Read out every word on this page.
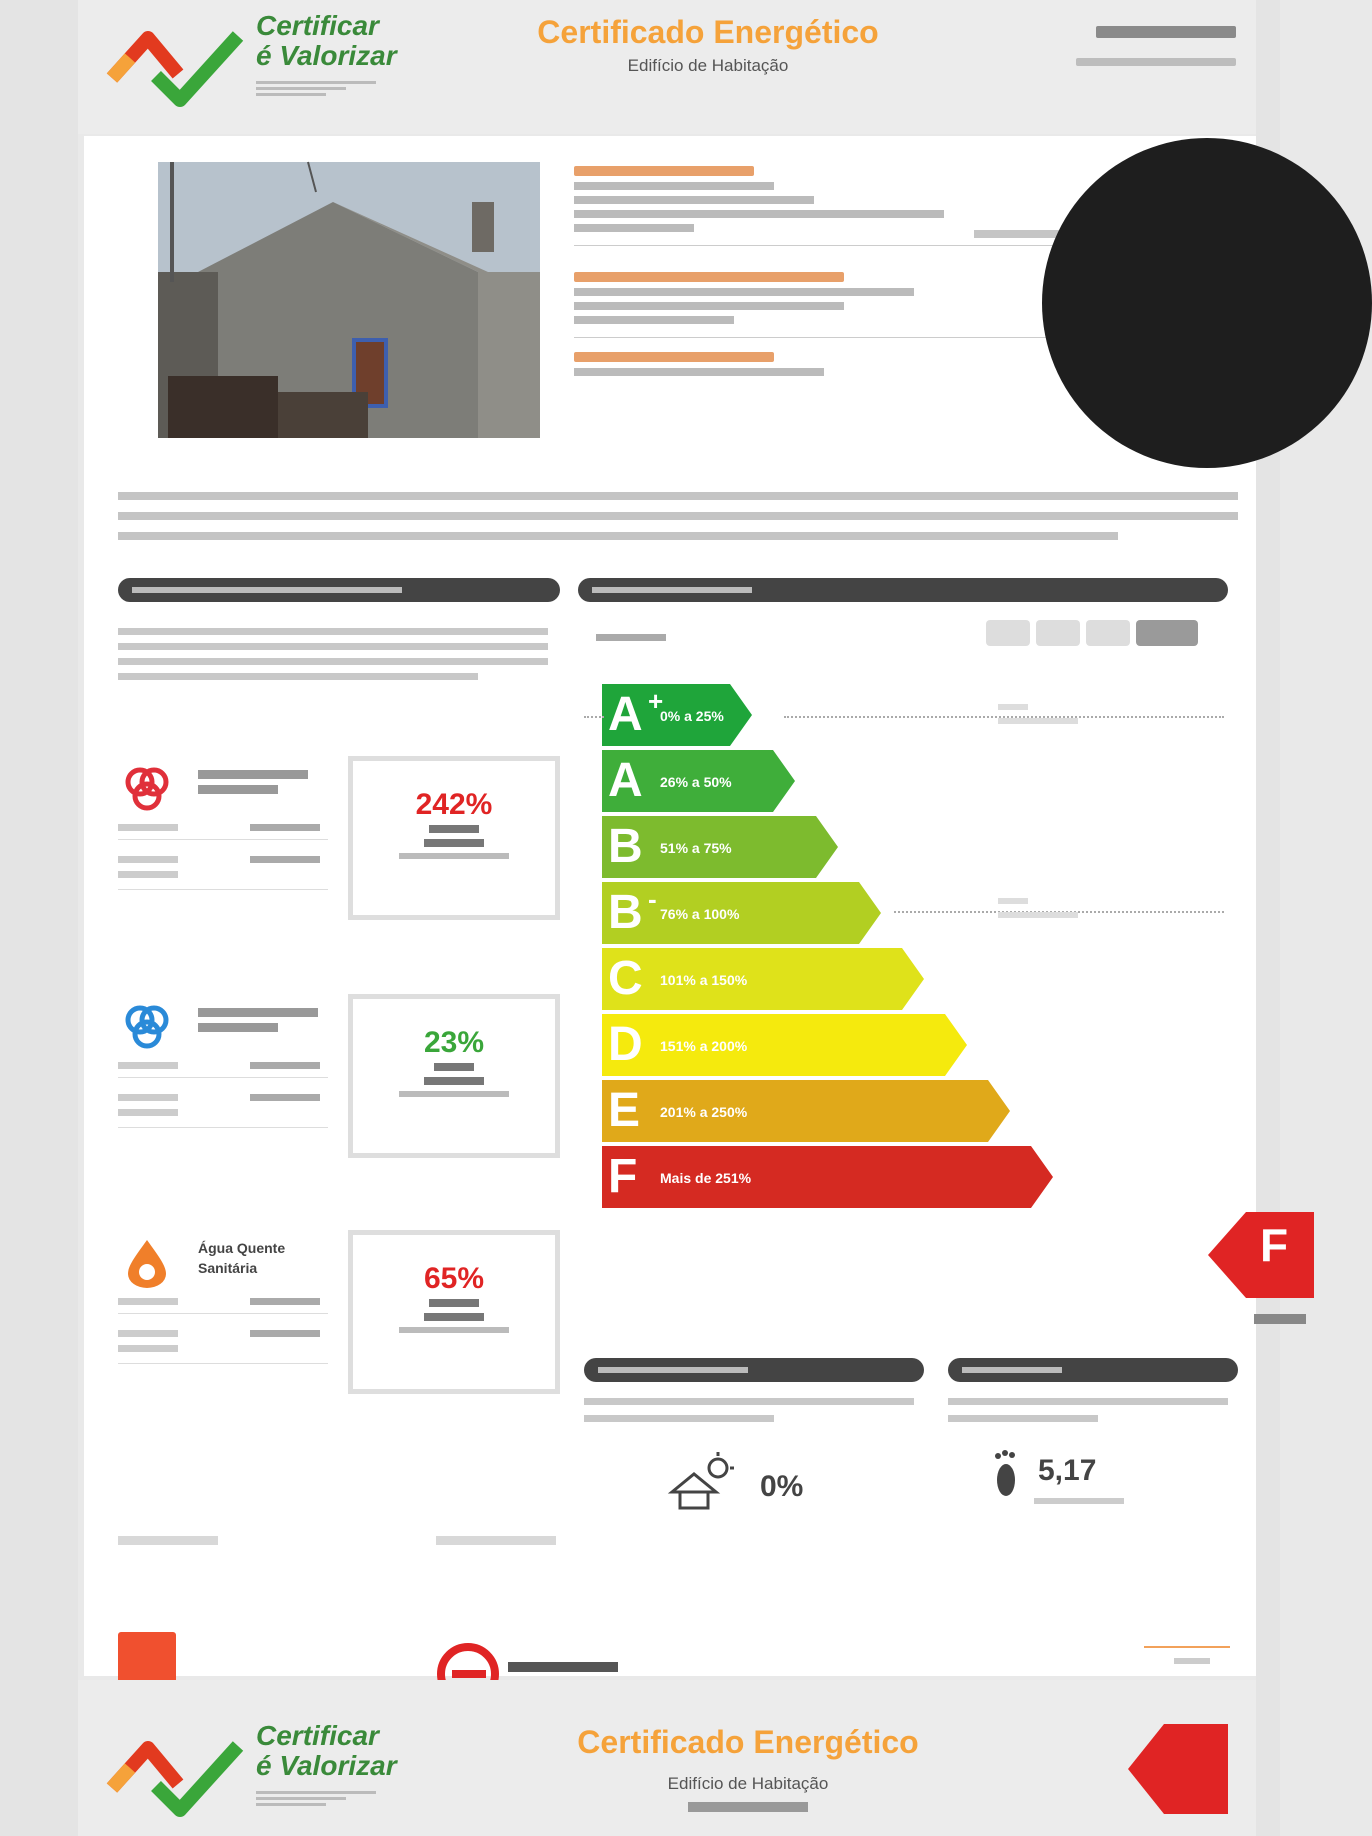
Certificar
é Valorizar
Certificado Energético
Edifício de Habitação
242%
23%
Água Quente
Sanitária	65%
A +
0% a 25%
A 26% a 50%
B 51% a 75%
B - 76% a 100%
C 101% a 150%
D 151% a 200%
E 201% a 250%
F Mais de 251%
F
0%	5,17
Certificar
é Valorizar
Certificado Energético
Edifício de Habitação
